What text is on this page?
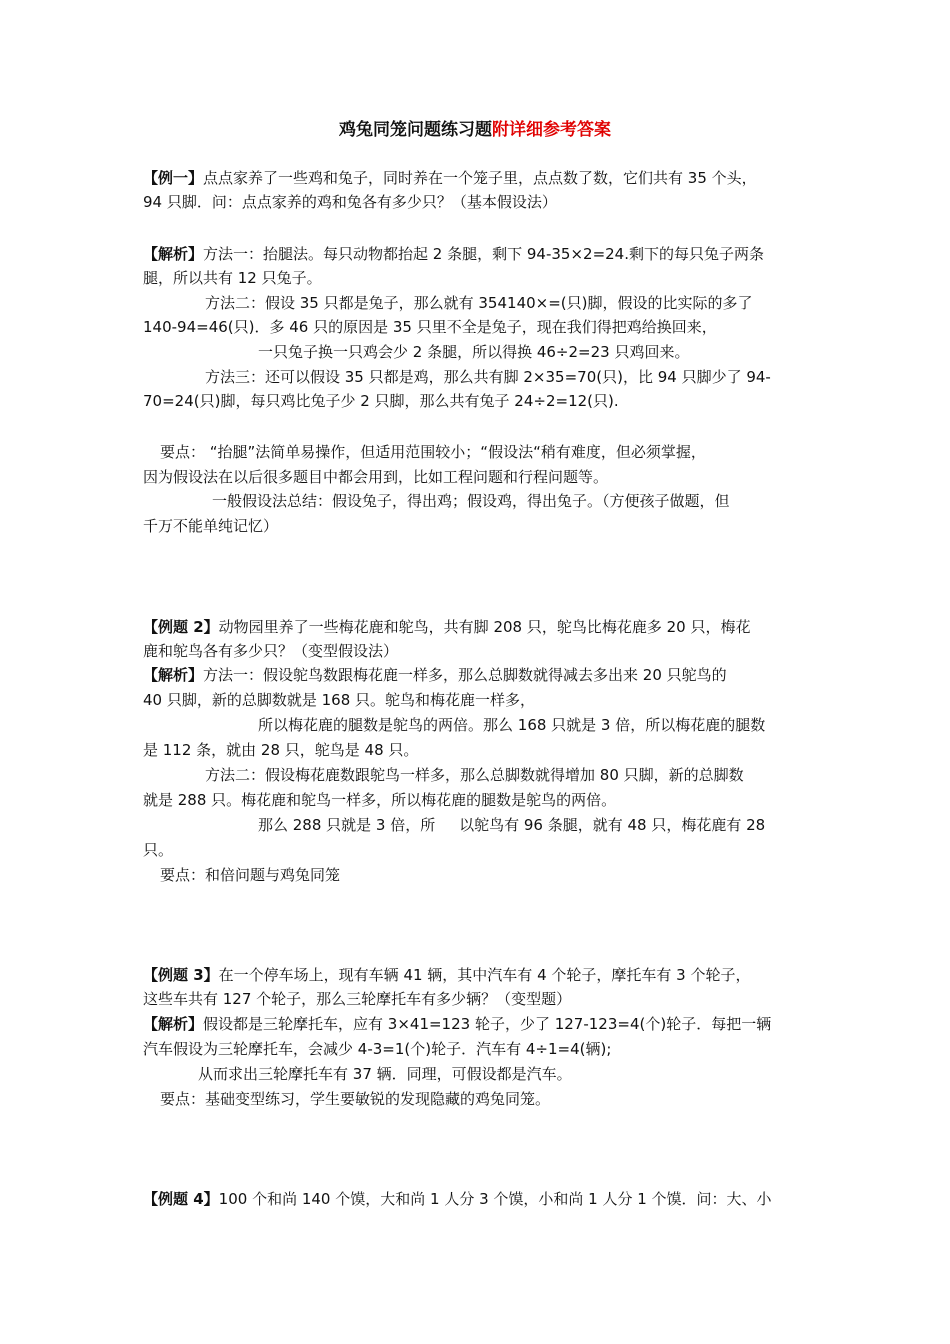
鸡兔同笼问题练习题附详细参考答案
【例一】点点家养了一些鸡和兔子，同时养在一个笼子里，点点数了数，它们共有 35 个头，
94 只脚．问：点点家养的鸡和兔各有多少只？（基本假设法）
【解析】方法一：抬腿法。每只动物都抬起 2 条腿，剩下 94-35×2=24.剩下的每只兔子两条
腿，所以共有 12 只兔子。
方法二：假设 35 只都是兔子，那么就有 354140×=(只)脚，假设的比实际的多了
140-94=46(只)．多 46 只的原因是 35 只里不全是兔子，现在我们得把鸡给换回来，
一只兔子换一只鸡会少 2 条腿，所以得换 46÷2=23 只鸡回来。
方法三：还可以假设 35 只都是鸡，那么共有脚 2×35=70(只)，比 94 只脚少了 94-
70=24(只)脚，每只鸡比兔子少 2 只脚，那么共有兔子 24÷2=12(只).
要点： “抬腿”法简单易操作，但适用范围较小；“假设法“稍有难度，但必须掌握，
因为假设法在以后很多题目中都会用到，比如工程问题和行程问题等。
一般假设法总结：假设兔子，得出鸡；假设鸡，得出兔子。（方便孩子做题，但
千万不能单纯记忆）
【例题 2】动物园里养了一些梅花鹿和鸵鸟，共有脚 208 只，鸵鸟比梅花鹿多 20 只，梅花
鹿和鸵鸟各有多少只？（变型假设法）
【解析】方法一：假设鸵鸟数跟梅花鹿一样多，那么总脚数就得减去多出来 20 只鸵鸟的
40 只脚，新的总脚数就是 168 只。鸵鸟和梅花鹿一样多，
所以梅花鹿的腿数是鸵鸟的两倍。那么 168 只就是 3 倍，所以梅花鹿的腿数
是 112 条，就由 28 只，鸵鸟是 48 只。
方法二：假设梅花鹿数跟鸵鸟一样多，那么总脚数就得增加 80 只脚，新的总脚数
就是 288 只。梅花鹿和鸵鸟一样多，所以梅花鹿的腿数是鸵鸟的两倍。
那么 288 只就是 3 倍，所     以鸵鸟有 96 条腿，就有 48 只，梅花鹿有 28
只。
要点：和倍问题与鸡兔同笼
【例题 3】在一个停车场上，现有车辆 41 辆，其中汽车有 4 个轮子，摩托车有 3 个轮子，
这些车共有 127 个轮子，那么三轮摩托车有多少辆？（变型题）
【解析】假设都是三轮摩托车，应有 3×41=123 轮子，少了 127-123=4(个)轮子．每把一辆
汽车假设为三轮摩托车，会减少 4-3=1(个)轮子．汽车有 4÷1=4(辆);
从而求出三轮摩托车有 37 辆．同理，可假设都是汽车。
要点：基础变型练习，学生要敏锐的发现隐藏的鸡兔同笼。
【例题 4】100 个和尚 140 个馍，大和尚 1 人分 3 个馍，小和尚 1 人分 1 个馍．问：大、小
